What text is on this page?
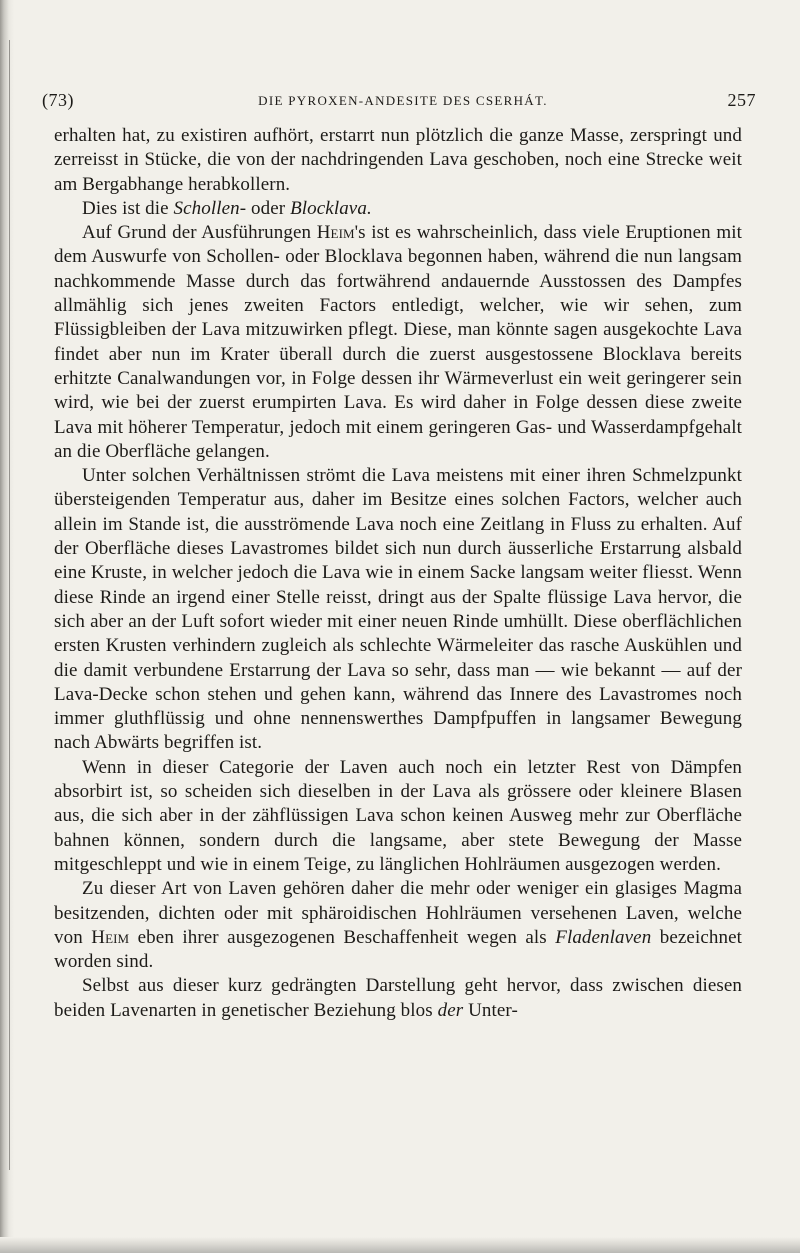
(73)	DIE PYROXEN-ANDESITE DES CSERHÁT.	257

erhalten hat, zu existiren aufhört, erstarrt nun plötzlich die ganze Masse, zerspringt und zerreisst in Stücke, die von der nachdringenden Lava geschoben, noch eine Strecke weit am Bergabhange herabkollern.

Dies ist die Schollen- oder Blocklava.

Auf Grund der Ausführungen Heim's ist es wahrscheinlich, dass viele Eruptionen mit dem Auswurfe von Schollen- oder Blocklava begonnen haben, während die nun langsam nachkommende Masse durch das fortwährend andauernde Ausstossen des Dampfes allmählig sich jenes zweiten Factors entledigt, welcher, wie wir sehen, zum Flüssigbleiben der Lava mitzuwirken pflegt. Diese, man könnte sagen ausgekochte Lava findet aber nun im Krater überall durch die zuerst ausgestossene Blocklava bereits erhitzte Canalwandungen vor, in Folge dessen ihr Wärmeverlust ein weit geringerer sein wird, wie bei der zuerst erumpirten Lava. Es wird daher in Folge dessen diese zweite Lava mit höherer Temperatur, jedoch mit einem geringeren Gas- und Wasserdampfgehalt an die Oberfläche gelangen.

Unter solchen Verhältnissen strömt die Lava meistens mit einer ihren Schmelzpunkt übersteigenden Temperatur aus, daher im Besitze eines solchen Factors, welcher auch allein im Stande ist, die ausströmende Lava noch eine Zeitlang in Fluss zu erhalten. Auf der Oberfläche dieses Lavastromes bildet sich nun durch äusserliche Erstarrung alsbald eine Kruste, in welcher jedoch die Lava wie in einem Sacke langsam weiter fliesst. Wenn diese Rinde an irgend einer Stelle reisst, dringt aus der Spalte flüssige Lava hervor, die sich aber an der Luft sofort wieder mit einer neuen Rinde umhüllt. Diese oberflächlichen ersten Krusten verhindern zugleich als schlechte Wärmeleiter das rasche Auskühlen und die damit verbundene Erstarrung der Lava so sehr, dass man — wie bekannt — auf der Lava-Decke schon stehen und gehen kann, während das Innere des Lavastromes noch immer gluthflüssig und ohne nennenswerthes Dampfpuffen in langsamer Bewegung nach Abwärts begriffen ist.

Wenn in dieser Categorie der Laven auch noch ein letzter Rest von Dämpfen absorbirt ist, so scheiden sich dieselben in der Lava als grössere oder kleinere Blasen aus, die sich aber in der zähflüssigen Lava schon keinen Ausweg mehr zur Oberfläche bahnen können, sondern durch die langsame, aber stete Bewegung der Masse mitgeschleppt und wie in einem Teige, zu länglichen Hohlräumen ausgezogen werden.

Zu dieser Art von Laven gehören daher die mehr oder weniger ein glasiges Magma besitzenden, dichten oder mit sphäroidischen Hohlräumen versehenen Laven, welche von Heim eben ihrer ausgezogenen Beschaffenheit wegen als Fladenlaven bezeichnet worden sind.

Selbst aus dieser kurz gedrängten Darstellung geht hervor, dass zwischen diesen beiden Lavenarten in genetischer Beziehung blos der Unter-
